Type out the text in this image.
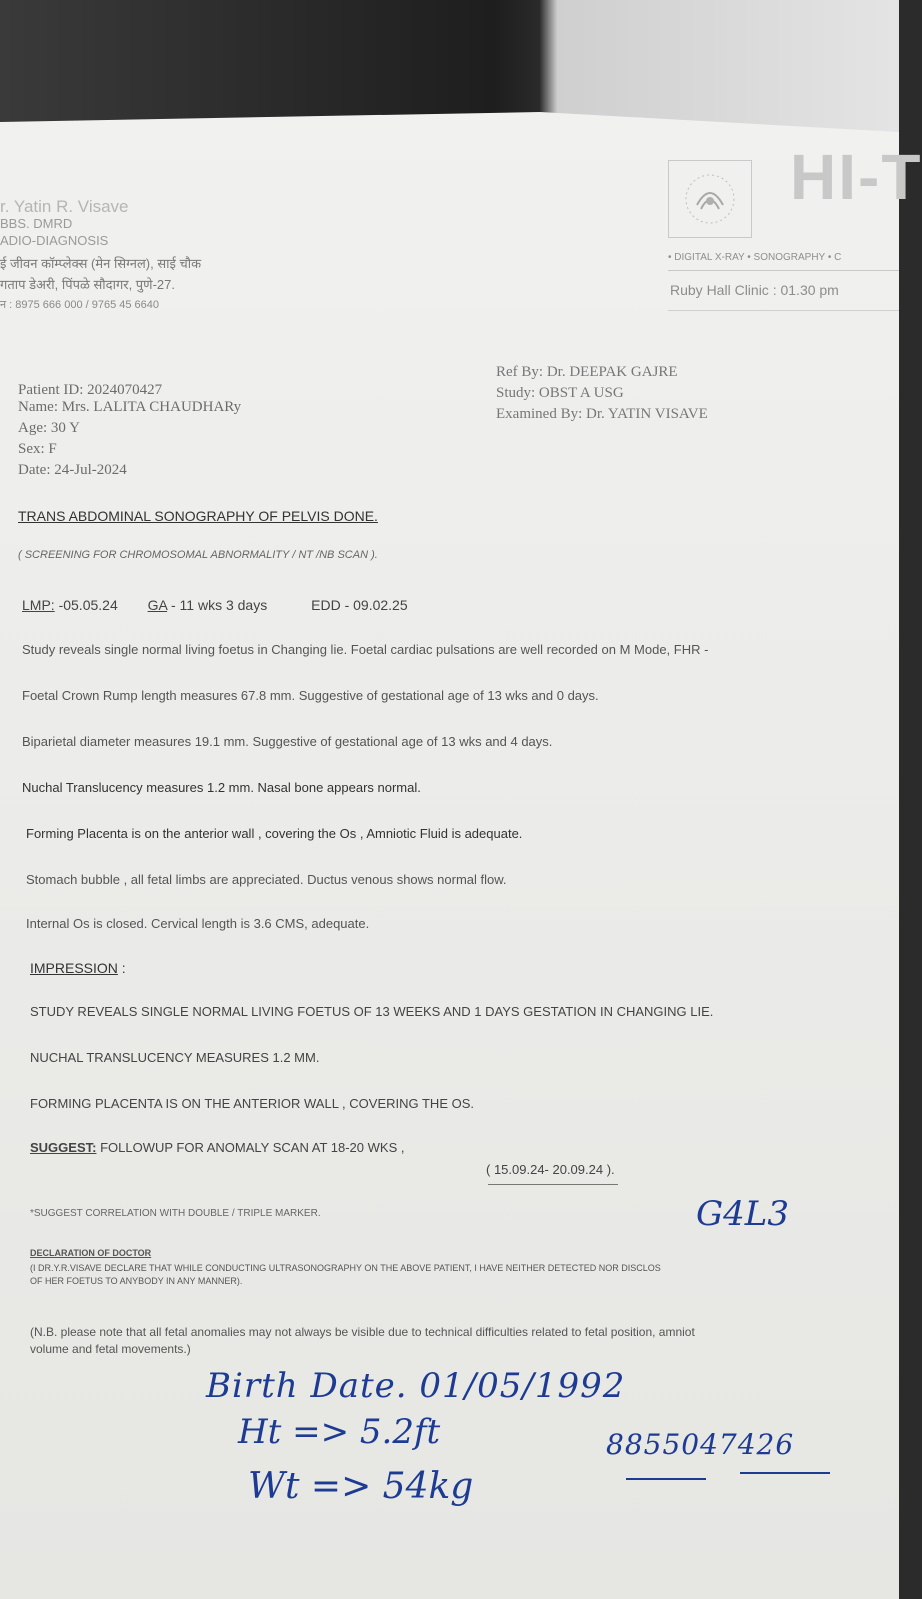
r. Yatin R. Visave
BBS. DMRD
ADIO-DIAGNOSIS
ई जीवन कॉम्प्लेक्स (मेन सिग्नल), साई चौक
गताप डेअरी, पिंपळे सौदागर, पुणे-27.
न : 8975 666 000 / 9765 45 6640
HI-T
• DIGITAL X-RAY • SONOGRAPHY • C
Ruby Hall Clinic : 01.30 pm
Patient ID: 2024070427
Name: Mrs. LALITA CHAUDHARy
Age: 30 Y
Sex: F
Date: 24-Jul-2024
Ref By: Dr. DEEPAK GAJRE
Study: OBST A USG
Examined By: Dr. YATIN VISAVE
TRANS ABDOMINAL SONOGRAPHY OF PELVIS DONE.
( SCREENING FOR CHROMOSOMAL ABNORMALITY / NT /NB SCAN ).
LMP: -05.05.24 GA - 11 wks 3 days	EDD - 09.02.25
Study reveals single normal living foetus in Changing lie. Foetal cardiac pulsations are well recorded on M Mode, FHR -
Foetal Crown Rump length measures 67.8 mm. Suggestive of gestational age of 13 wks and 0 days.
Biparietal diameter measures 19.1 mm. Suggestive of gestational age of 13 wks and 4 days.
Nuchal Translucency measures 1.2 mm. Nasal bone appears normal.
Forming Placenta is on the anterior wall , covering the Os , Amniotic Fluid is adequate.
Stomach bubble , all fetal limbs are appreciated. Ductus venous shows normal flow.
Internal Os is closed. Cervical length is 3.6 CMS, adequate.
IMPRESSION :
STUDY REVEALS SINGLE NORMAL LIVING FOETUS OF 13 WEEKS AND 1 DAYS GESTATION IN CHANGING LIE.
NUCHAL TRANSLUCENCY MEASURES 1.2 MM.
FORMING PLACENTA IS ON THE ANTERIOR WALL , COVERING THE OS.
SUGGEST: FOLLOWUP FOR ANOMALY SCAN AT 18-20 WKS ,
( 15.09.24- 20.09.24 ).
*SUGGEST CORRELATION WITH DOUBLE / TRIPLE MARKER.
DECLARATION OF DOCTOR
(I DR.Y.R.VISAVE DECLARE THAT WHILE CONDUCTING ULTRASONOGRAPHY ON THE ABOVE PATIENT, I HAVE NEITHER DETECTED NOR DISCLOS
OF HER FOETUS TO ANYBODY IN ANY MANNER).
(N.B. please note that all fetal anomalies may not always be visible due to technical difficulties related to fetal position, amniot
volume and fetal movements.)
G4L3
Birth Date. 01/05/1992
Ht => 5.2ft
Wt => 54kg
8855047426
